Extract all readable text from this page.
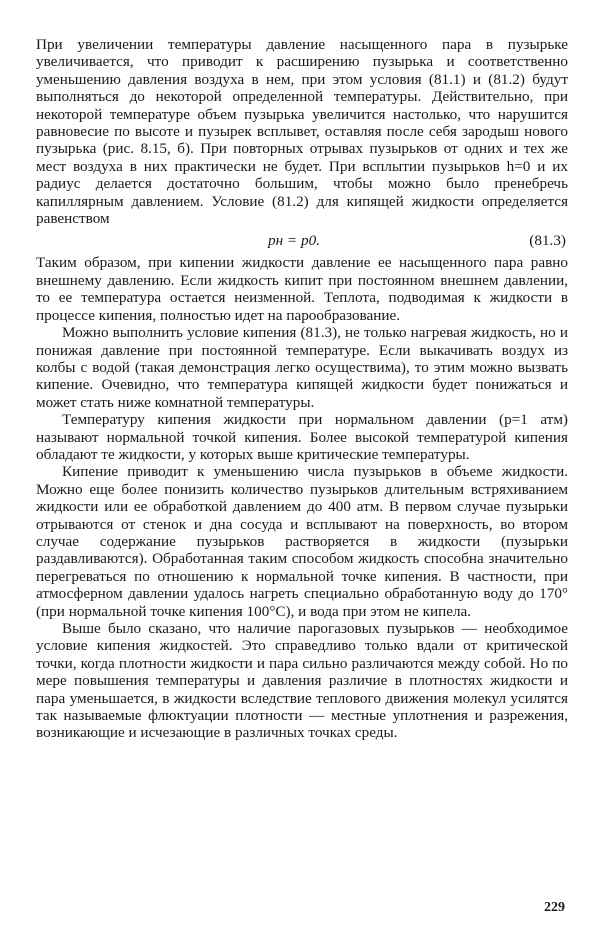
При увеличении температуры давление насыщенного пара в пузырьке увеличивается, что приводит к расширению пузырька и соответственно уменьшению давления воздуха в нем, при этом условия (81.1) и (81.2) будут выполняться до некоторой определенной температуры. Действительно, при некоторой температуре объем пузырька увеличится настолько, что нарушится равновесие по высоте и пузырек всплывет, оставляя после себя зародыш нового пузырька (рис. 8.15, б). При повторных отрывах пузырьков от одних и тех же мест воздуха в них практически не будет. При всплытии пузырьков h=0 и их радиус делается достаточно большим, чтобы можно было пренебречь капиллярным давлением. Условие (81.2) для кипящей жидкости определяется равенством

pн = p0.	(81.3)

Таким образом, при кипении жидкости давление ее насыщенного пара равно внешнему давлению. Если жидкость кипит при постоянном внешнем давлении, то ее температура остается неизменной. Теплота, подводимая к жидкости в процессе кипения, полностью идет на парообразование.

Можно выполнить условие кипения (81.3), не только нагревая жидкость, но и понижая давление при постоянной температуре. Если выкачивать воздух из колбы с водой (такая демонстрация легко осуществима), то этим можно вызвать кипение. Очевидно, что температура кипящей жидкости будет понижаться и может стать ниже комнатной температуры.

Температуру кипения жидкости при нормальном давлении (p=1 атм) называют нормальной точкой кипения. Более высокой температурой кипения обладают те жидкости, у которых выше критические температуры.

Кипение приводит к уменьшению числа пузырьков в объеме жидкости. Можно еще более понизить количество пузырьков длительным встряхиванием жидкости или ее обработкой давлением до 400 атм. В первом случае пузырьки отрываются от стенок и дна сосуда и всплывают на поверхность, во втором случае содержание пузырьков растворяется в жидкости (пузырьки раздавливаются). Обработанная таким способом жидкость способна значительно перегреваться по отношению к нормальной точке кипения. В частности, при атмосферном давлении удалось нагреть специально обработанную воду до 170° (при нормальной точке кипения 100°C), и вода при этом не кипела.

Выше было сказано, что наличие парогазовых пузырьков — необходимое условие кипения жидкостей. Это справедливо только вдали от критической точки, когда плотности жидкости и пара сильно различаются между собой. Но по мере повышения температуры и давления различие в плотностях жидкости и пара уменьшается, в жидкости вследствие теплового движения молекул усилятся так называемые флюктуации плотности — местные уплотнения и разрежения, возникающие и исчезающие в различных точках среды.

229
